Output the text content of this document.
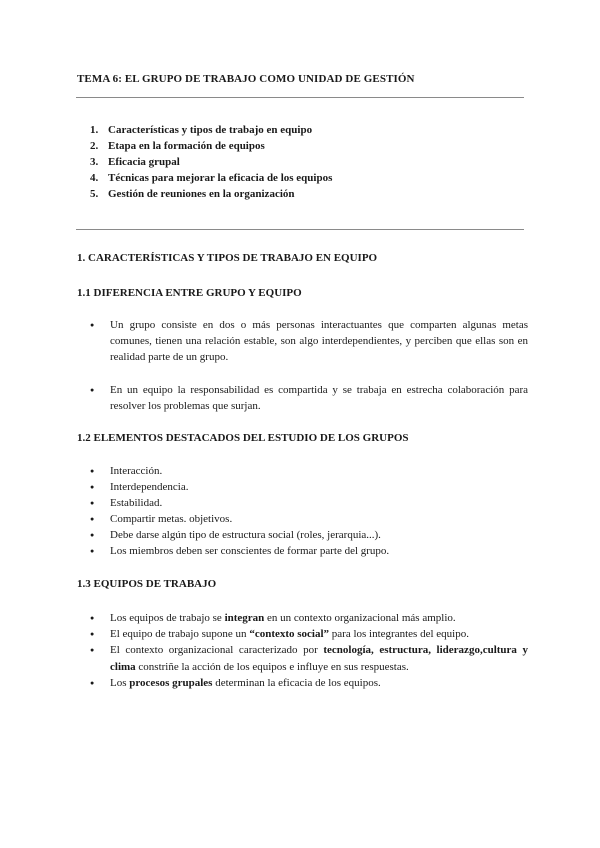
TEMA 6: EL GRUPO DE TRABAJO COMO UNIDAD DE GESTIÓN
1. Características y tipos de trabajo en equipo
2. Etapa en la formación de equipos
3. Eficacia grupal
4. Técnicas para mejorar la eficacia de los equipos
5. Gestión de reuniones en la organización
1. CARACTERÍSTICAS Y TIPOS DE TRABAJO EN EQUIPO
1.1 DIFERENCIA ENTRE GRUPO Y EQUIPO
● Un grupo consiste en dos o más personas interactuantes que comparten algunas metas comunes, tienen una relación estable, son algo interdependientes, y perciben que ellas son en realidad parte de un grupo.
● En un equipo la responsabilidad es compartida y se trabaja en estrecha colaboración para resolver los problemas que surjan.
1.2 ELEMENTOS DESTACADOS DEL ESTUDIO DE LOS GRUPOS
● Interacción.
● Interdependencia.
● Estabilidad.
● Compartir metas. objetivos.
● Debe darse algún tipo de estructura social (roles, jerarquia...).
● Los miembros deben ser conscientes de formar parte del grupo.
1.3 EQUIPOS DE TRABAJO
● Los equipos de trabajo se integran en un contexto organizacional más amplio.
● El equipo de trabajo supone un “contexto social” para los integrantes del equipo.
● El contexto organizacional caracterizado por tecnología, estructura, liderazgo,cultura y clima constriñe la acción de los equipos e influye en sus respuestas.
● Los procesos grupales determinan la eficacia de los equipos.
